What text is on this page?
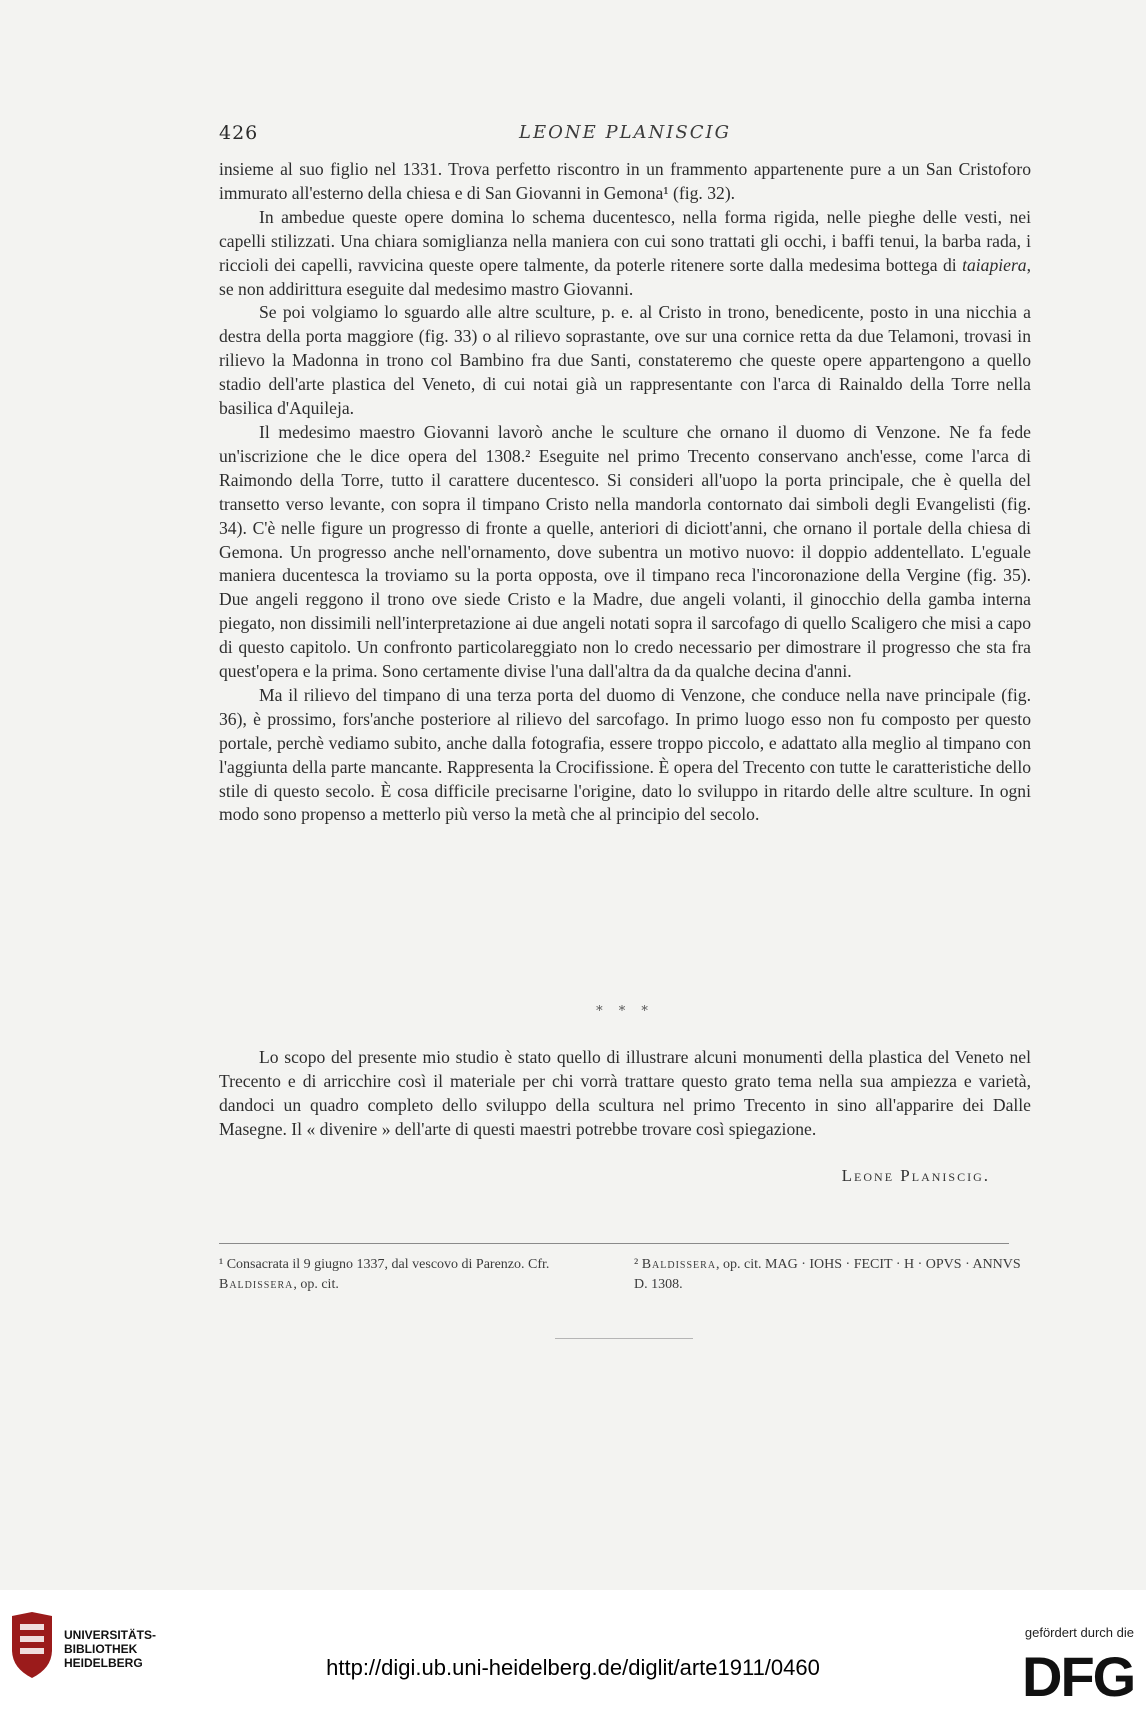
426	LEONE PLANISCIG

insieme al suo figlio nel 1331. Trova perfetto riscontro in un frammento appartenente pure a un San Cristoforo immurato all'esterno della chiesa e di San Giovanni in Gemona¹ (fig. 32).

In ambedue queste opere domina lo schema ducentesco, nella forma rigida, nelle pieghe delle vesti, nei capelli stilizzati. Una chiara somiglianza nella maniera con cui sono trattati gli occhi, i baffi tenui, la barba rada, i riccioli dei capelli, ravvicina queste opere talmente, da poterle ritenere sorte dalla medesima bottega di taiapiera, se non addirittura eseguite dal medesimo mastro Giovanni.

Se poi volgiamo lo sguardo alle altre sculture, p. e. al Cristo in trono, benedicente, posto in una nicchia a destra della porta maggiore (fig. 33) o al rilievo soprastante, ove sur una cornice retta da due Telamoni, trovasi in rilievo la Madonna in trono col Bambino fra due Santi, constateremo che queste opere appartengono a quello stadio dell'arte plastica del Veneto, di cui notai già un rappresentante con l'arca di Rainaldo della Torre nella basilica d'Aquileja.

Il medesimo maestro Giovanni lavorò anche le sculture che ornano il duomo di Venzone. Ne fa fede un'iscrizione che le dice opera del 1308.² Eseguite nel primo Trecento conservano anch'esse, come l'arca di Raimondo della Torre, tutto il carattere ducentesco. Si consideri all'uopo la porta principale, che è quella del transetto verso levante, con sopra il timpano Cristo nella mandorla contornato dai simboli degli Evangelisti (fig. 34). C'è nelle figure un progresso di fronte a quelle, anteriori di diciott'anni, che ornano il portale della chiesa di Gemona. Un progresso anche nell'ornamento, dove subentra un motivo nuovo: il doppio addentellato. L'eguale maniera ducentesca la troviamo su la porta opposta, ove il timpano reca l'incoronazione della Vergine (fig. 35). Due angeli reggono il trono ove siede Cristo e la Madre, due angeli volanti, il ginocchio della gamba interna piegato, non dissimili nell'interpretazione ai due angeli notati sopra il sarcofago di quello Scaligero che misi a capo di questo capitolo. Un confronto particolareggiato non lo credo necessario per dimostrare il progresso che sta fra quest'opera e la prima. Sono certamente divise l'una dall'altra da da qualche decina d'anni.

Ma il rilievo del timpano di una terza porta del duomo di Venzone, che conduce nella nave principale (fig. 36), è prossimo, fors'anche posteriore al rilievo del sarcofago. In primo luogo esso non fu composto per questo portale, perchè vediamo subito, anche dalla fotografia, essere troppo piccolo, e adattato alla meglio al timpano con l'aggiunta della parte mancante. Rappresenta la Crocifissione. È opera del Trecento con tutte le caratteristiche dello stile di questo secolo. È cosa difficile precisarne l'origine, dato lo sviluppo in ritardo delle altre sculture. In ogni modo sono propenso a metterlo più verso la metà che al principio del secolo.

* * *

Lo scopo del presente mio studio è stato quello di illustrare alcuni monumenti della plastica del Veneto nel Trecento e di arricchire così il materiale per chi vorrà trattare questo grato tema nella sua ampiezza e varietà, dandoci un quadro completo dello sviluppo della scultura nel primo Trecento in sino all'apparire dei Dalle Masegne. Il « divenire » dell'arte di questi maestri potrebbe trovare così spiegazione.

Leone Planiscig.
¹ Consacrata il 9 giugno 1337, dal vescovo di Parenzo. Cfr. Baldissera, op. cit.
² Baldissera, op. cit. MAG · IOHS · FECIT · H · OPVS · ANNVS D. 1308.
UNIVERSITÄTS-
BIBLIOTHEK
HEIDELBERG	http://digi.ub.uni-heidelberg.de/diglit/arte1911/0460
gefördert durch die
DFG
